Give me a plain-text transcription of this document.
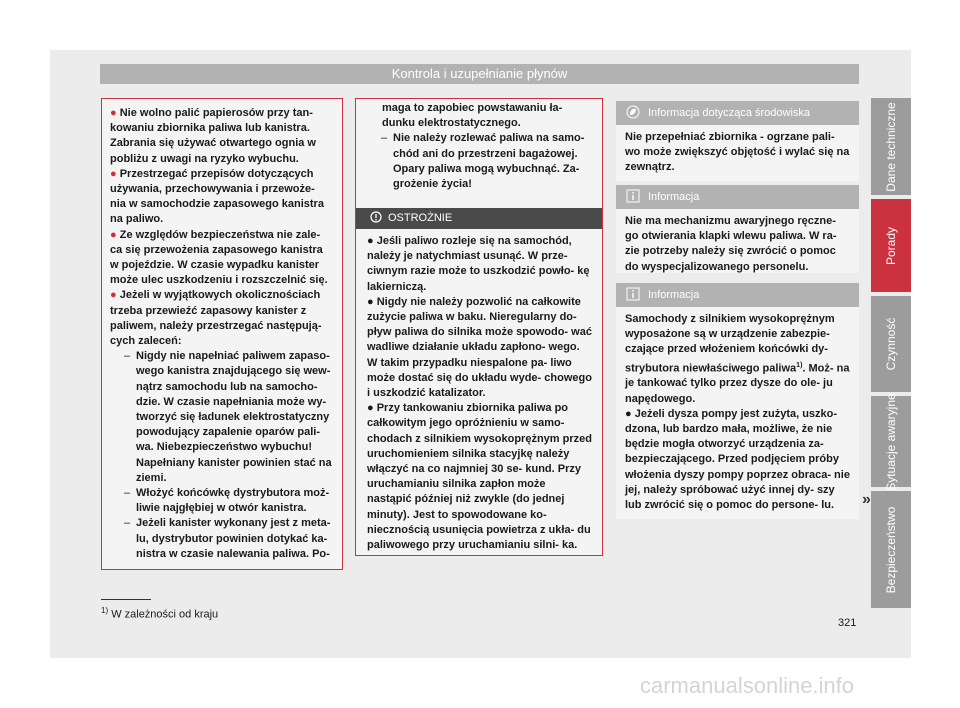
Kontrola i uzupełnianie płynów
Dane techniczne
Porady
Czynność
Sytuacje awaryjne
Bezpieczeństwo

● Nie wolno palić papierosów przy tan- kowaniu zbiornika paliwa lub kanistra. Zabrania się używać otwartego ognia w pobliżu z uwagi na ryzyko wybuchu.

● Przestrzegać przepisów dotyczących używania, przechowywania i przewoże- nia w samochodzie zapasowego kanistra na paliwo.

● Ze względów bezpieczeństwa nie zale- ca się przewożenia zapasowego kanistra w pojeździe. W czasie wypadku kanister może ulec uszkodzeniu i rozszczelnić się.

● Jeżeli w wyjątkowych okolicznościach trzeba przewieźć zapasowy kanister z paliwem, należy przestrzegać następują- cych zaleceń:

– Nigdy nie napełniać paliwem zapaso- wego kanistra znajdującego się wew- nątrz samochodu lub na samocho- dzie. W czasie napełniania może wy- tworzyć się ładunek elektrostatyczny powodujący zapalenie oparów pali- wa. Niebezpieczeństwo wybuchu! Napełniany kanister powinien stać na ziemi.

– Włożyć końcówkę dystrybutora moż- liwie najgłębiej w otwór kanistra.

– Jeżeli kanister wykonany jest z meta- lu, dystrybutor powinien dotykać ka- nistra w czasie nalewania paliwa. Po-

maga to zapobiec powstawaniu ła- dunku elektrostatycznego.

– Nie należy rozlewać paliwa na samo- chód ani do przestrzeni bagażowej. Opary paliwa mogą wybuchnąć. Za- grożenie życia!

OSTROŻNIE

● Jeśli paliwo rozleje się na samochód, należy je natychmiast usunąć. W prze- ciwnym razie może to uszkodzić powło- kę lakierniczą.

● Nigdy nie należy pozwolić na całkowite zużycie paliwa w baku. Nieregularny do- pływ paliwa do silnika może spowodo- wać wadliwe działanie układu zapłono- wego. W takim przypadku niespalone pa- liwo może dostać się do układu wyde- chowego i uszkodzić katalizator.

● Przy tankowaniu zbiornika paliwa po całkowitym jego opróżnieniu w samo- chodach z silnikiem wysokoprężnym przed uruchomieniem silnika stacyjkę należy włączyć na co najmniej 30 se- kund. Przy uruchamianiu silnika zapłon może nastąpić później niż zwykle (do jednej minuty). Jest to spowodowane ko- niecznością usunięcia powietrza z ukła- du paliwowego przy uruchamianiu silni- ka.

Informacja dotycząca środowiska
Nie przepełniać zbiornika - ogrzane pali- wo może zwiększyć objętość i wylać się na zewnątrz.
Informacja
Nie ma mechanizmu awaryjnego ręczne- go otwierania klapki wlewu paliwa. W ra- zie potrzeby należy się zwrócić o pomoc do wyspecjalizowanego personelu.
Informacja

Samochody z silnikiem wysokoprężnym wyposażone są w urządzenie zabezpie- czające przed włożeniem końcówki dy- strybutora niewłaściwego paliwa$^{1)}$. Moż- na je tankować tylko przez dysze do ole- ju napędowego.

● Jeżeli dysza pompy jest zużyta, uszko- dzona, lub bardzo mała, możliwe, że nie będzie mogła otworzyć urządzenia za- bezpieczającego. Przed podjęciem próby włożenia dyszy pompy poprzez obraca- nie jej, należy spróbować użyć innej dy- szy lub zwrócić się o pomoc do persone- lu.	»
$^{1)}$ W zależności od kraju
321
carmanualsonline.info
